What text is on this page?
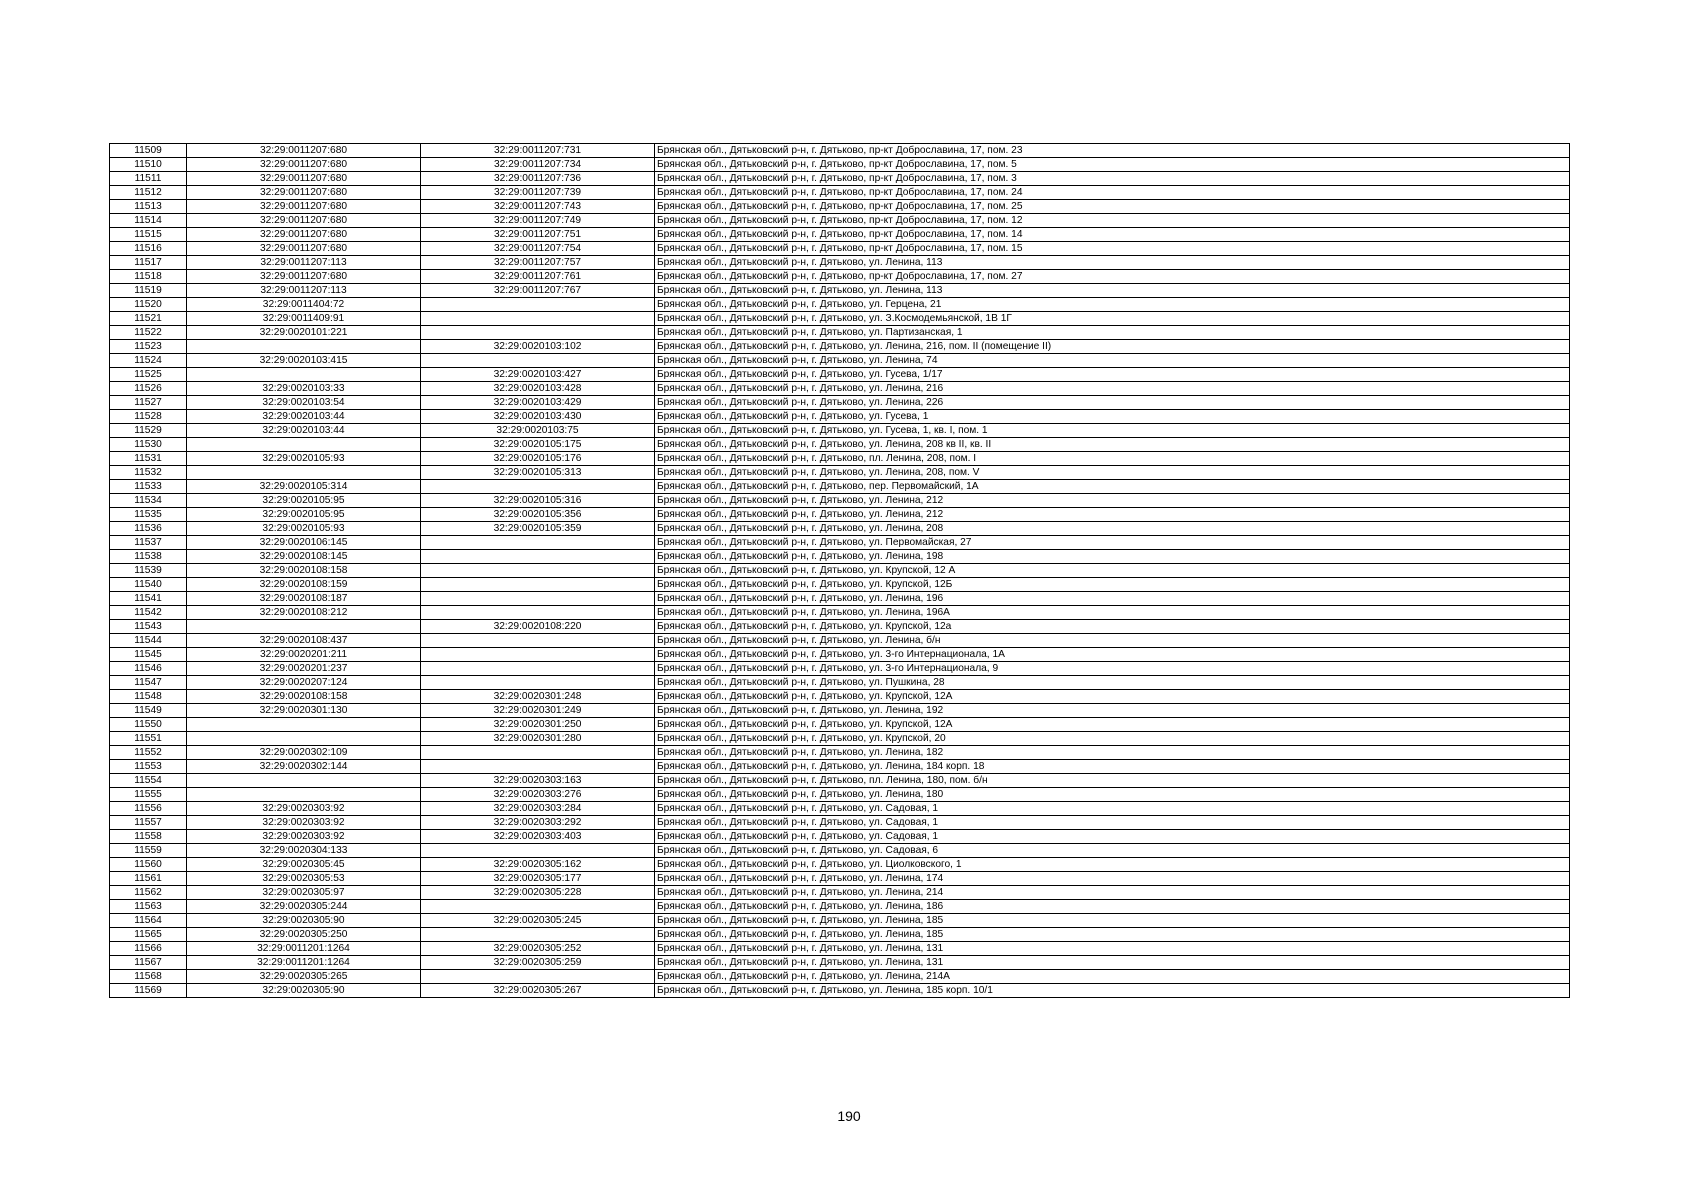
11509	32:29:0011207:680	32:29:0011207:731	Брянская обл., Дятьковский р-н, г. Дятьково, пр-кт Доброславина, 17, пом. 23
11510	32:29:0011207:680	32:29:0011207:734	Брянская обл., Дятьковский р-н, г. Дятьково, пр-кт Доброславина, 17, пом. 5
11511	32:29:0011207:680	32:29:0011207:736	Брянская обл., Дятьковский р-н, г. Дятьково, пр-кт Доброславина, 17, пом. 3
11512	32:29:0011207:680	32:29:0011207:739	Брянская обл., Дятьковский р-н, г. Дятьково, пр-кт Доброславина, 17, пом. 24
11513	32:29:0011207:680	32:29:0011207:743	Брянская обл., Дятьковский р-н, г. Дятьково, пр-кт Доброславина, 17, пом. 25
11514	32:29:0011207:680	32:29:0011207:749	Брянская обл., Дятьковский р-н, г. Дятьково, пр-кт Доброславина, 17, пом. 12
11515	32:29:0011207:680	32:29:0011207:751	Брянская обл., Дятьковский р-н, г. Дятьково, пр-кт Доброславина, 17, пом. 14
11516	32:29:0011207:680	32:29:0011207:754	Брянская обл., Дятьковский р-н, г. Дятьково, пр-кт Доброславина, 17, пом. 15
11517	32:29:0011207:113	32:29:0011207:757	Брянская обл., Дятьковский р-н, г. Дятьково, ул. Ленина, 113
11518	32:29:0011207:680	32:29:0011207:761	Брянская обл., Дятьковский р-н, г. Дятьково, пр-кт Доброславина, 17, пом. 27
11519	32:29:0011207:113	32:29:0011207:767	Брянская обл., Дятьковский р-н, г. Дятьково, ул. Ленина, 113
11520	32:29:0011404:72		Брянская обл., Дятьковский р-н, г. Дятьково, ул. Герцена, 21
11521	32:29:0011409:91		Брянская обл., Дятьковский р-н, г. Дятьково, ул. З.Космодемьянской, 1В 1Г
11522	32:29:0020101:221		Брянская обл., Дятьковский р-н, г. Дятьково, ул. Партизанская, 1
11523		32:29:0020103:102	Брянская обл., Дятьковский р-н, г. Дятьково, ул. Ленина, 216, пом. II (помещение II)
11524	32:29:0020103:415		Брянская обл., Дятьковский р-н, г. Дятьково, ул. Ленина, 74
11525		32:29:0020103:427	Брянская обл., Дятьковский р-н, г. Дятьково, ул. Гусева, 1/17
11526	32:29:0020103:33	32:29:0020103:428	Брянская обл., Дятьковский р-н, г. Дятьково, ул. Ленина, 216
11527	32:29:0020103:54	32:29:0020103:429	Брянская обл., Дятьковский р-н, г. Дятьково, ул. Ленина, 226
11528	32:29:0020103:44	32:29:0020103:430	Брянская обл., Дятьковский р-н, г. Дятьково, ул. Гусева, 1
11529	32:29:0020103:44	32:29:0020103:75	Брянская обл., Дятьковский р-н, г. Дятьково, ул. Гусева, 1, кв. I, пом. 1
11530		32:29:0020105:175	Брянская обл., Дятьковский р-н, г. Дятьково, ул. Ленина, 208 кв II, кв. II
11531	32:29:0020105:93	32:29:0020105:176	Брянская обл., Дятьковский р-н, г. Дятьково, пл. Ленина, 208, пом. I
11532		32:29:0020105:313	Брянская обл., Дятьковский р-н, г. Дятьково, ул. Ленина, 208, пом. V
11533	32:29:0020105:314		Брянская обл., Дятьковский р-н, г. Дятьково, пер. Первомайский, 1А
11534	32:29:0020105:95	32:29:0020105:316	Брянская обл., Дятьковский р-н, г. Дятьково, ул. Ленина, 212
11535	32:29:0020105:95	32:29:0020105:356	Брянская обл., Дятьковский р-н, г. Дятьково, ул. Ленина, 212
11536	32:29:0020105:93	32:29:0020105:359	Брянская обл., Дятьковский р-н, г. Дятьково, ул. Ленина, 208
11537	32:29:0020106:145		Брянская обл., Дятьковский р-н, г. Дятьково, ул. Первомайская, 27
11538	32:29:0020108:145		Брянская обл., Дятьковский р-н, г. Дятьково, ул. Ленина, 198
11539	32:29:0020108:158		Брянская обл., Дятьковский р-н, г. Дятьково, ул. Крупской, 12 А
11540	32:29:0020108:159		Брянская обл., Дятьковский р-н, г. Дятьково, ул. Крупской, 12Б
11541	32:29:0020108:187		Брянская обл., Дятьковский р-н, г. Дятьково, ул. Ленина, 196
11542	32:29:0020108:212		Брянская обл., Дятьковский р-н, г. Дятьково, ул. Ленина, 196А
11543		32:29:0020108:220	Брянская обл., Дятьковский р-н, г. Дятьково, ул. Крупской, 12а
11544	32:29:0020108:437		Брянская обл., Дятьковский р-н, г. Дятьково, ул. Ленина, б/н
11545	32:29:0020201:211		Брянская обл., Дятьковский р-н, г. Дятьково, ул. 3-го Интернационала, 1А
11546	32:29:0020201:237		Брянская обл., Дятьковский р-н, г. Дятьково, ул. 3-го Интернационала, 9
11547	32:29:0020207:124		Брянская обл., Дятьковский р-н, г. Дятьково, ул. Пушкина, 28
11548	32:29:0020108:158	32:29:0020301:248	Брянская обл., Дятьковский р-н, г. Дятьково, ул. Крупской, 12А
11549	32:29:0020301:130	32:29:0020301:249	Брянская обл., Дятьковский р-н, г. Дятьково, ул. Ленина, 192
11550		32:29:0020301:250	Брянская обл., Дятьковский р-н, г. Дятьково, ул. Крупской, 12А
11551		32:29:0020301:280	Брянская обл., Дятьковский р-н, г. Дятьково, ул. Крупской, 20
11552	32:29:0020302:109		Брянская обл., Дятьковский р-н, г. Дятьково, ул. Ленина, 182
11553	32:29:0020302:144		Брянская обл., Дятьковский р-н, г. Дятьково, ул. Ленина, 184 корп. 18
11554		32:29:0020303:163	Брянская обл., Дятьковский р-н, г. Дятьково, пл. Ленина, 180, пом. б/н
11555		32:29:0020303:276	Брянская обл., Дятьковский р-н, г. Дятьково, ул. Ленина, 180
11556	32:29:0020303:92	32:29:0020303:284	Брянская обл., Дятьковский р-н, г. Дятьково, ул. Садовая, 1
11557	32:29:0020303:92	32:29:0020303:292	Брянская обл., Дятьковский р-н, г. Дятьково, ул. Садовая, 1
11558	32:29:0020303:92	32:29:0020303:403	Брянская обл., Дятьковский р-н, г. Дятьково, ул. Садовая, 1
11559	32:29:0020304:133		Брянская обл., Дятьковский р-н, г. Дятьково, ул. Садовая, 6
11560	32:29:0020305:45	32:29:0020305:162	Брянская обл., Дятьковский р-н, г. Дятьково, ул. Циолковского, 1
11561	32:29:0020305:53	32:29:0020305:177	Брянская обл., Дятьковский р-н, г. Дятьково, ул. Ленина, 174
11562	32:29:0020305:97	32:29:0020305:228	Брянская обл., Дятьковский р-н, г. Дятьково, ул. Ленина, 214
11563	32:29:0020305:244		Брянская обл., Дятьковский р-н, г. Дятьково, ул. Ленина, 186
11564	32:29:0020305:90	32:29:0020305:245	Брянская обл., Дятьковский р-н, г. Дятьково, ул. Ленина, 185
11565	32:29:0020305:250		Брянская обл., Дятьковский р-н, г. Дятьково, ул. Ленина, 185
11566	32:29:0011201:1264	32:29:0020305:252	Брянская обл., Дятьковский р-н, г. Дятьково, ул. Ленина, 131
11567	32:29:0011201:1264	32:29:0020305:259	Брянская обл., Дятьковский р-н, г. Дятьково, ул. Ленина, 131
11568	32:29:0020305:265		Брянская обл., Дятьковский р-н, г. Дятьково, ул. Ленина, 214А
11569	32:29:0020305:90	32:29:0020305:267	Брянская обл., Дятьковский р-н, г. Дятьково, ул. Ленина, 185 корп. 10/1
190
